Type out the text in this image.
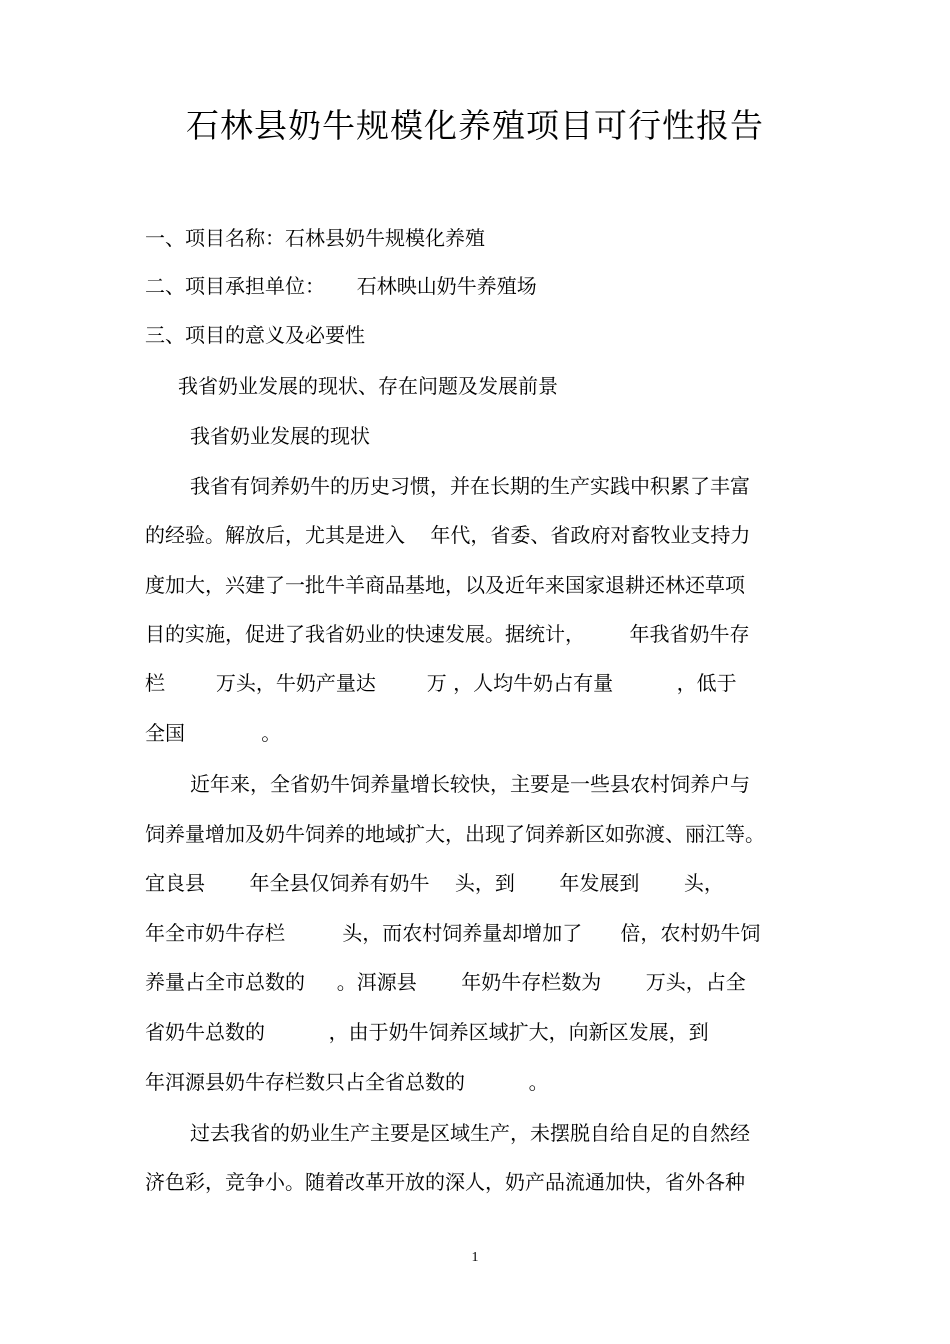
石林县奶牛规模化养殖项目可行性报告

一、项目名称：石林县奶牛规模化养殖

二、项目承担单位：     石林映山奶牛养殖场

三、项目的意义及必要性

我省奶业发展的现状、存在问题及发展前景

我省奶业发展的现状

我省有饲养奶牛的历史习惯，并在长期的生产实践中积累了丰富

的经验。解放后，尤其是进入    年代，省委、省政府对畜牧业支持力

度加大，兴建了一批牛羊商品基地，以及近年来国家退耕还林还草项

目的实施，促进了我省奶业的快速发展。据统计，       年我省奶牛存

栏        万头，牛奶产量达        万 ，人均牛奶占有量          ，低于

全国            。

近年来，全省奶牛饲养量增长较快，主要是一些县农村饲养户与

饲养量增加及奶牛饲养的地域扩大，出现了饲养新区如弥渡、丽江等。

宜良县       年全县仅饲养有奶牛    头，到       年发展到       头，

年全市奶牛存栏         头，而农村饲养量却增加了      倍，农村奶牛饲

养量占全市总数的     。洱源县       年奶牛存栏数为       万头，占全

省奶牛总数的          ，由于奶牛饲养区域扩大，向新区发展，到

年洱源县奶牛存栏数只占全省总数的          。

过去我省的奶业生产主要是区域生产，未摆脱自给自足的自然经

济色彩，竞争小。随着改革开放的深人，奶产品流通加快，省外各种

1
